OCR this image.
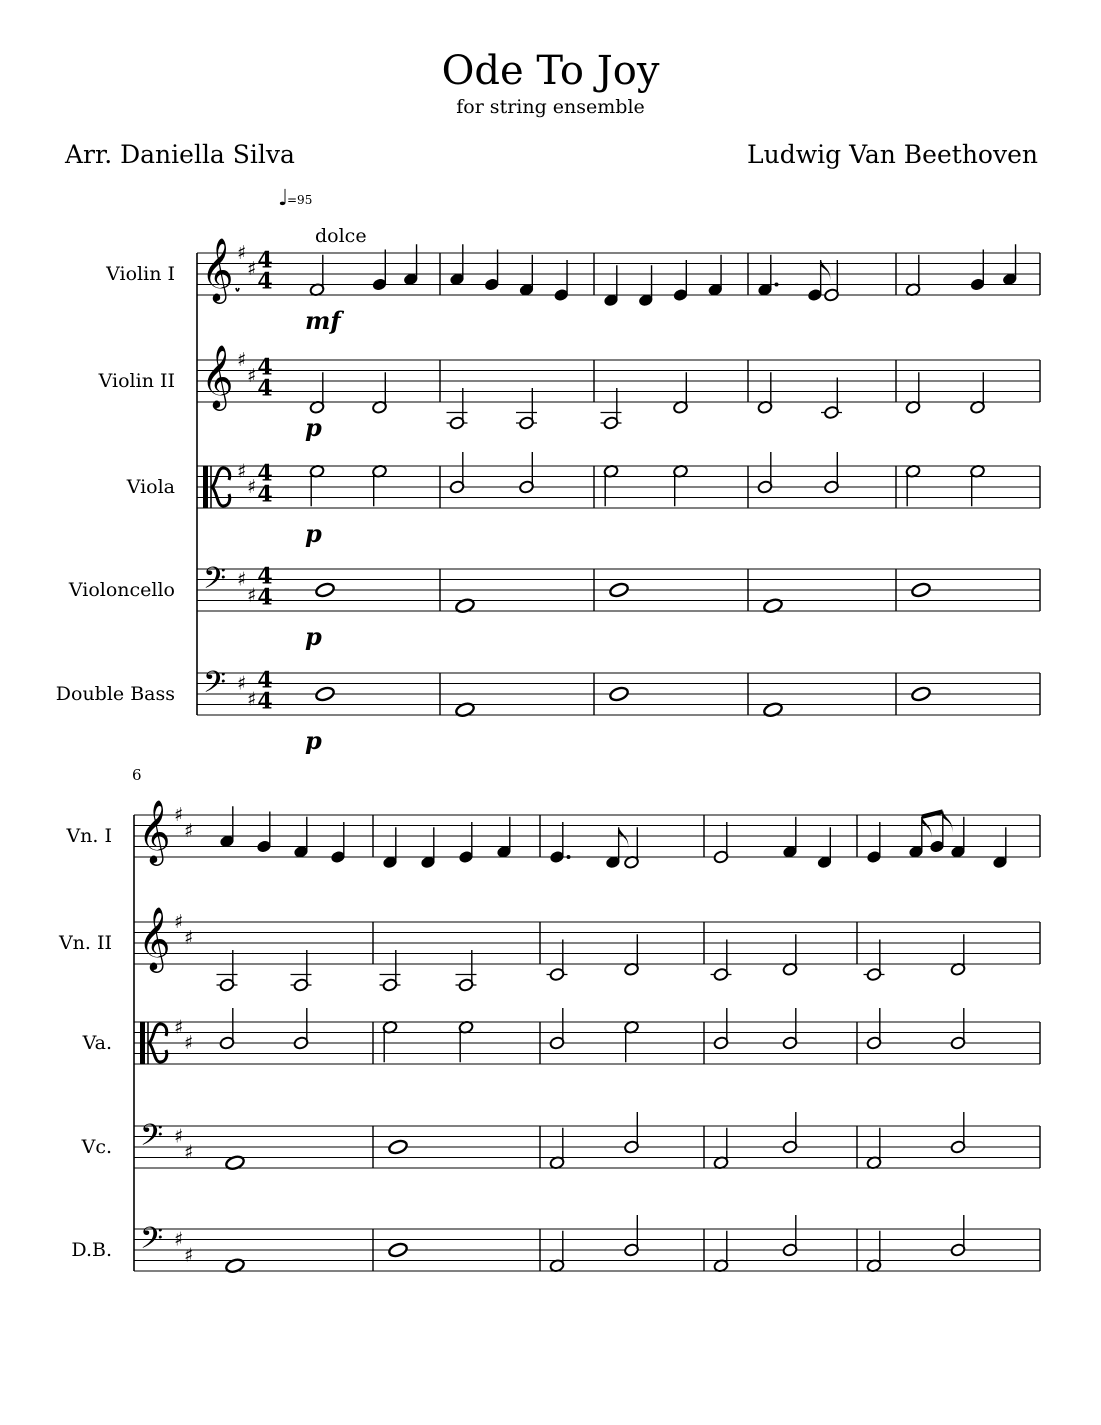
Ode To Joy
for string ensemble
Arr. Daniella Silva	Ludwig Van Beethoven
Violin I 𝄞 ♯
♯ 4
4
Violin II 𝄞 ♯
♯ 4
4
Viola
♯
♯
4
4
Violoncello 𝄢 ♯
♯
4
4
Double Bass 𝄢 ♯
♯
4
4
mf
p
p
p
p
6
Vn. I 𝄞 ♯
♯
Vn. II 𝄞 ♯
♯
Va.
♯
♯
Vc. 𝄢 ♯
♯
D.B. 𝄢 ♯
♯
♩
=95
dolce
